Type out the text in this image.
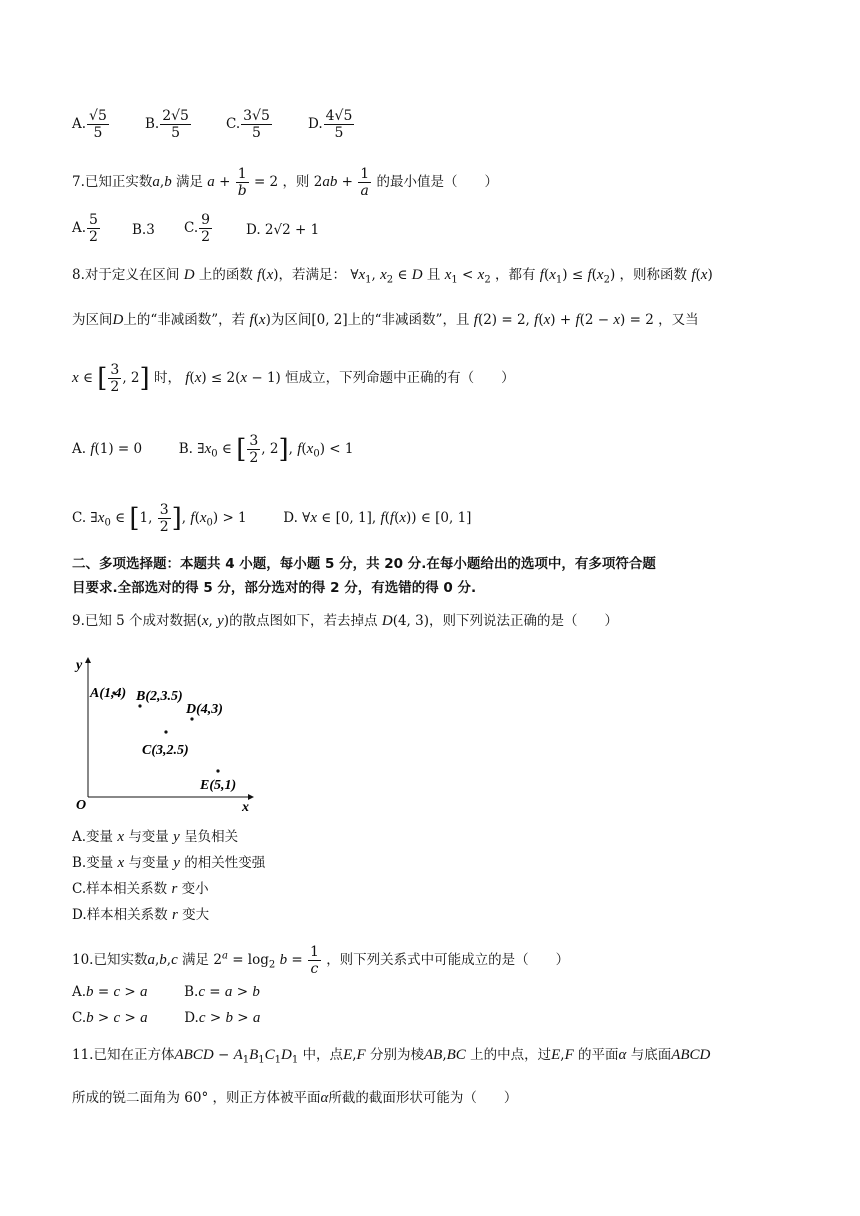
A. $\frac{√5}{5}$	B. $\frac{2√5}{5}$	C. $\frac{3√5}{5}$	D. $\frac{4√5}{5}$
7.已知正实数a,b 满足 $a + \frac{1}{b} = 2$ ，则 $2ab + \frac{1}{a}$ 的最小值是（　　）
A. $\frac{5}{2} B.3$ C. $\frac{9}{2}$	D. 2√2 + 1
8.对于定义在区间 D 上的函数 f(x)，若满足： $\forall x_1$, $x_2$ ∈ D 且 $x_1 < x_2$ ，都有 $f(x_1) \le f(x_2)$ ，则称函数 f(x)
为区间D上的“非减函数”，若 f(x)为区间[0, 2]上的“非减函数”，且 f(2) = 2, f(x) + f(2 − x) = 2 ，又当
x ∈ [ $\frac{3}{2}$ , 2] 时， f(x) ≤ 2(x − 1) 恒成立，下列命题中正确的有（　　）
A. f(1) = 0	B. $\exists x_0$ ∈ [ $\frac{3}{2}$ , 2], $f(x_0) < 1$
C. $\exists x_0$ ∈ [1, $\frac{3}{2}$ ], $f(x_0) > 1$	D. ∀x ∈ [0, 1], f(f(x)) ∈ [0, 1]
二、多项选择题：本题共 4 小题，每小题 5 分，共 20 分.在每小题给出的选项中，有多项符合题
目要求.全部选对的得 5 分，部分选对的得 2 分，有选错的得 0 分.
9.已知 5 个成对数据(x, y)的散点图如下，若去掉点 D(4, 3)，则下列说法正确的是（　　）
y
x
O
A(1,4) B(2,3.5)
C(3,2.5)
D(4,3)
E(5,1)
A.变量 x 与变量 y 呈负相关
B.变量 x 与变量 y 的相关性变强
C.样本相关系数 r 变小
D.样本相关系数 r 变大
10.已知实数a,b,c 满足 $2^a = \log_2 b = \frac{1}{c}$ ，则下列关系式中可能成立的是（　　）
A.b = c > a	B.c = a > b
C.b > c > a	D.c > b > a
11.已知在正方体ABCD − $A_1B_1C_1D_1$ 中，点E,F 分别为棱AB,BC 上的中点，过E,F 的平面α 与底面ABCD
所成的锐二面角为 60° ，则正方体被平面α所截的截面形状可能为（　　）
